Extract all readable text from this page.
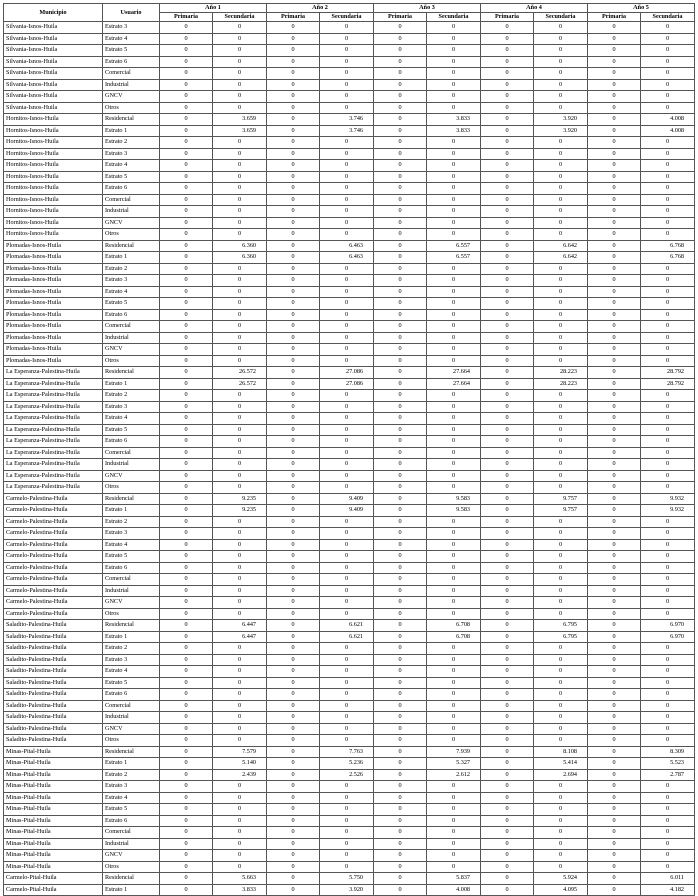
Municipio	Usuario	Año 1		Año 2		Año 3		Año 4		Año 5	
		Primaria	Secundaria	Primaria	Secundaria	Primaria	Secundaria	Primaria	Secundaria	Primaria	Secundaria
Silvania-Isnos-Huila	Estrato 3	0	0	0	0	0	0	0	0	0	0
Silvania-Isnos-Huila	Estrato 4	0	0	0	0	0	0	0	0	0	0
Silvania-Isnos-Huila	Estrato 5	0	0	0	0	0	0	0	0	0	0
Silvania-Isnos-Huila	Estrato 6	0	0	0	0	0	0	0	0	0	0
Silvania-Isnos-Huila	Comercial	0	0	0	0	0	0	0	0	0	0
Silvania-Isnos-Huila	Industrial	0	0	0	0	0	0	0	0	0	0
Silvania-Isnos-Huila	GNCV	0	0	0	0	0	0	0	0	0	0
Silvania-Isnos-Huila	Otros	0	0	0	0	0	0	0	0	0	0
Hornitos-Isnos-Huila	Residencial	0	3.659	0	3.746	0	3.833	0	3.920	0	4.008
Hornitos-Isnos-Huila	Estrato 1	0	3.659	0	3.746	0	3.833	0	3.920	0	4.008
Hornitos-Isnos-Huila	Estrato 2	0	0	0	0	0	0	0	0	0	0
Hornitos-Isnos-Huila	Estrato 3	0	0	0	0	0	0	0	0	0	0
Hornitos-Isnos-Huila	Estrato 4	0	0	0	0	0	0	0	0	0	0
Hornitos-Isnos-Huila	Estrato 5	0	0	0	0	0	0	0	0	0	0
Hornitos-Isnos-Huila	Estrato 6	0	0	0	0	0	0	0	0	0	0
Hornitos-Isnos-Huila	Comercial	0	0	0	0	0	0	0	0	0	0
Hornitos-Isnos-Huila	Industrial	0	0	0	0	0	0	0	0	0	0
Hornitos-Isnos-Huila	GNCV	0	0	0	0	0	0	0	0	0	0
Hornitos-Isnos-Huila	Otros	0	0	0	0	0	0	0	0	0	0
Plomadas-Isnos-Huila	Residencial	0	6.360	0	6.463	0	6.557	0	6.642	0	6.768
Plomadas-Isnos-Huila	Estrato 1	0	6.360	0	6.463	0	6.557	0	6.642	0	6.768
Plomadas-Isnos-Huila	Estrato 2	0	0	0	0	0	0	0	0	0	0
Plomadas-Isnos-Huila	Estrato 3	0	0	0	0	0	0	0	0	0	0
Plomadas-Isnos-Huila	Estrato 4	0	0	0	0	0	0	0	0	0	0
Plomadas-Isnos-Huila	Estrato 5	0	0	0	0	0	0	0	0	0	0
Plomadas-Isnos-Huila	Estrato 6	0	0	0	0	0	0	0	0	0	0
Plomadas-Isnos-Huila	Comercial	0	0	0	0	0	0	0	0	0	0
Plomadas-Isnos-Huila	Industrial	0	0	0	0	0	0	0	0	0	0
Plomadas-Isnos-Huila	GNCV	0	0	0	0	0	0	0	0	0	0
Plomadas-Isnos-Huila	Otros	0	0	0	0	0	0	0	0	0	0
La Esperanza-Palestina-Huila	Residencial	0	26.572	0	27.086	0	27.664	0	28.223	0	28.792
La Esperanza-Palestina-Huila	Estrato 1	0	26.572	0	27.086	0	27.664	0	28.223	0	28.792
La Esperanza-Palestina-Huila	Estrato 2	0	0	0	0	0	0	0	0	0	0
La Esperanza-Palestina-Huila	Estrato 3	0	0	0	0	0	0	0	0	0	0
La Esperanza-Palestina-Huila	Estrato 4	0	0	0	0	0	0	0	0	0	0
La Esperanza-Palestina-Huila	Estrato 5	0	0	0	0	0	0	0	0	0	0
La Esperanza-Palestina-Huila	Estrato 6	0	0	0	0	0	0	0	0	0	0
La Esperanza-Palestina-Huila	Comercial	0	0	0	0	0	0	0	0	0	0
La Esperanza-Palestina-Huila	Industrial	0	0	0	0	0	0	0	0	0	0
La Esperanza-Palestina-Huila	GNCV	0	0	0	0	0	0	0	0	0	0
La Esperanza-Palestina-Huila	Otros	0	0	0	0	0	0	0	0	0	0
Carmelo-Palestina-Huila	Residencial	0	9.235	0	9.409	0	9.583	0	9.757	0	9.932
Carmelo-Palestina-Huila	Estrato 1	0	9.235	0	9.409	0	9.583	0	9.757	0	9.932
Carmelo-Palestina-Huila	Estrato 2	0	0	0	0	0	0	0	0	0	0
Carmelo-Palestina-Huila	Estrato 3	0	0	0	0	0	0	0	0	0	0
Carmelo-Palestina-Huila	Estrato 4	0	0	0	0	0	0	0	0	0	0
Carmelo-Palestina-Huila	Estrato 5	0	0	0	0	0	0	0	0	0	0
Carmelo-Palestina-Huila	Estrato 6	0	0	0	0	0	0	0	0	0	0
Carmelo-Palestina-Huila	Comercial	0	0	0	0	0	0	0	0	0	0
Carmelo-Palestina-Huila	Industrial	0	0	0	0	0	0	0	0	0	0
Carmelo-Palestina-Huila	GNCV	0	0	0	0	0	0	0	0	0	0
Carmelo-Palestina-Huila	Otros	0	0	0	0	0	0	0	0	0	0
Saladito-Palestina-Huila	Residencial	0	6.447	0	6.621	0	6.708	0	6.795	0	6.970
Saladito-Palestina-Huila	Estrato 1	0	6.447	0	6.621	0	6.708	0	6.795	0	6.970
Saladito-Palestina-Huila	Estrato 2	0	0	0	0	0	0	0	0	0	0
Saladito-Palestina-Huila	Estrato 3	0	0	0	0	0	0	0	0	0	0
Saladito-Palestina-Huila	Estrato 4	0	0	0	0	0	0	0	0	0	0
Saladito-Palestina-Huila	Estrato 5	0	0	0	0	0	0	0	0	0	0
Saladito-Palestina-Huila	Estrato 6	0	0	0	0	0	0	0	0	0	0
Saladito-Palestina-Huila	Comercial	0	0	0	0	0	0	0	0	0	0
Saladito-Palestina-Huila	Industrial	0	0	0	0	0	0	0	0	0	0
Saladito-Palestina-Huila	GNCV	0	0	0	0	0	0	0	0	0	0
Saladito-Palestina-Huila	Otros	0	0	0	0	0	0	0	0	0	0
Minas-Pital-Huila	Residencial	0	7.579	0	7.763	0	7.939	0	8.108	0	8.309
Minas-Pital-Huila	Estrato 1	0	5.140	0	5.236	0	5.327	0	5.414	0	5.523
Minas-Pital-Huila	Estrato 2	0	2.439	0	2.526	0	2.612	0	2.694	0	2.787
Minas-Pital-Huila	Estrato 3	0	0	0	0	0	0	0	0	0	0
Minas-Pital-Huila	Estrato 4	0	0	0	0	0	0	0	0	0	0
Minas-Pital-Huila	Estrato 5	0	0	0	0	0	0	0	0	0	0
Minas-Pital-Huila	Estrato 6	0	0	0	0	0	0	0	0	0	0
Minas-Pital-Huila	Comercial	0	0	0	0	0	0	0	0	0	0
Minas-Pital-Huila	Industrial	0	0	0	0	0	0	0	0	0	0
Minas-Pital-Huila	GNCV	0	0	0	0	0	0	0	0	0	0
Minas-Pital-Huila	Otros	0	0	0	0	0	0	0	0	0	0
Carmelo-Pital-Huila	Residencial	0	5.663	0	5.750	0	5.837	0	5.924	0	6.011
Carmelo-Pital-Huila	Estrato 1	0	3.833	0	3.920	0	4.008	0	4.095	0	4.182
